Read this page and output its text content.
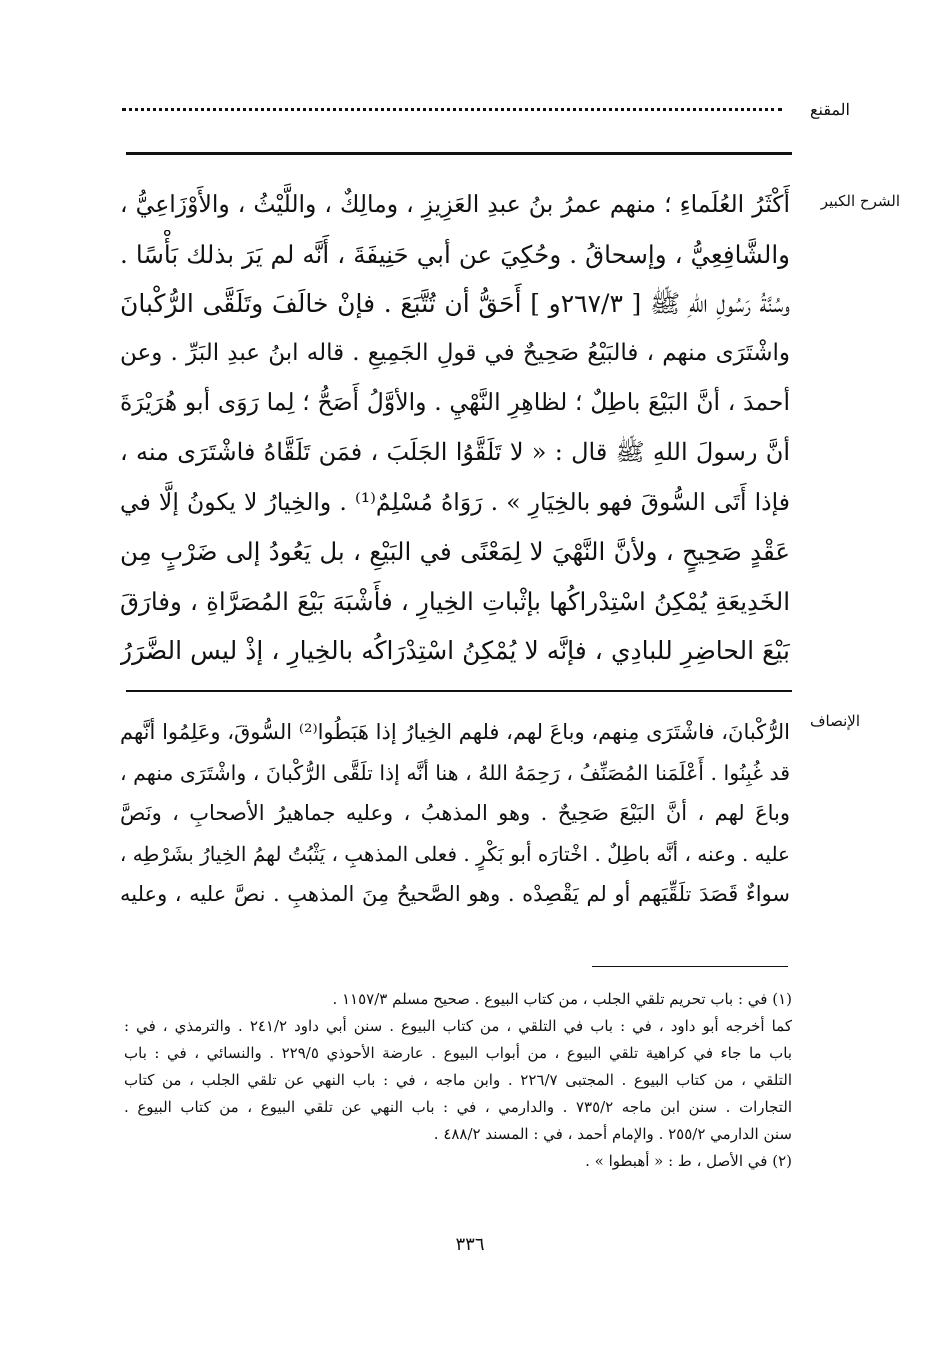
المقنع
الشرح الكبير
أَكْثَرُ العُلَماءِ ؛ منهم عمرُ بنُ عبدِ العَزِيزِ ، ومالِكٌ ، واللَّيْثُ ، والأَوْزَاعِيُّ ،
والشَّافِعِيُّ ، وإسحاقُ . وحُكِيَ عن أبي حَنِيفَةَ ، أَنَّه لم يَرَ بذلك بَأْسًا .
وسُنَّةُ رَسُولِ اللهِ ﷺ [ ٢٦٧/٣و ] أَحَقُّ أن تُتَّبَعَ . فإنْ خالَفَ وتَلَقَّى الرُّكْبانَ
واشْتَرَى منهم ، فالبَيْعُ صَحِيحٌ في قولِ الجَمِيعِ . قاله ابنُ عبدِ البَرِّ . وعن
أحمدَ ، أنَّ البَيْعَ باطِلٌ ؛ لظاهِرِ النَّهْيِ . والأوَّلُ أَصَحُّ ؛ لِما رَوَى أبو هُرَيْرَةَ
أنَّ رسولَ اللهِ ﷺ قال : « لا تَلَقَّوُا الجَلَبَ ، فمَن تَلَقَّاهُ فاشْتَرَى منه ،
فإذا أَتَى السُّوقَ فهو بالخِيَارِ » . رَوَاهُ مُسْلِمٌ⁽¹⁾ . والخِيارُ لا يكونُ إلَّا في
عَقْدٍ صَحِيحٍ ، ولأنَّ النَّهْيَ لا لِمَعْنًى في البَيْعِ ، بل يَعُودُ إلى ضَرْبٍ مِن
الخَدِيعَةِ يُمْكِنُ اسْتِدْراكُها بإثْباتِ الخِيارِ ، فأَشْبَهَ بَيْعَ المُصَرَّاةِ ، وفارَقَ
بَيْعَ الحاضِرِ للبادِي ، فإنَّه لا يُمْكِنُ اسْتِدْرَاكُه بالخِيارِ ، إذْ ليس الضَّرَرُ
الإنصاف
الرُّكْبانَ، فاشْتَرَى مِنهم، وباعَ لهم، فلهم الخِيارُ إذا هَبَطُوا⁽²⁾ السُّوقَ، وعَلِمُوا أنَّهم
قد غُبِنُوا . أَعْلَمَنا المُصَنِّفُ ، رَحِمَهُ اللهُ ، هنا أنَّه إذا تلَقَّى الرُّكْبانَ ، واشْتَرَى منهم ،
وباعَ لهم ، أنَّ البَيْعَ صَحِيحٌ . وهو المذهبُ ، وعليه جماهيرُ الأصحابِ ، ونَصَّ
عليه . وعنه ، أنَّه باطِلٌ . اخْتارَه أبو بَكْرٍ . فعلى المذهبِ ، يَثْبُتُ لهمُ الخِيارُ بشَرْطِه ،
سواءٌ قَصَدَ تلَقِّيَهم أو لم يَقْصِدْه . وهو الصَّحيحُ مِنَ المذهبِ . نصَّ عليه ، وعليه
(١) في : باب تحريم تلقي الجلب ، من كتاب البيوع . صحيح مسلم ١١٥٧/٣ .
كما أخرجه أبو داود ، في : باب في التلقي ، من كتاب البيوع . سنن أبي داود ٢٤١/٢ . والترمذي ، في :
باب ما جاء في كراهية تلقي البيوع ، من أبواب البيوع . عارضة الأحوذي ٢٢٩/٥ . والنسائي ، في : باب
التلقي ، من كتاب البيوع . المجتبى ٢٢٦/٧ . وابن ماجه ، في : باب النهي عن تلقي الجلب ، من كتاب
التجارات . سنن ابن ماجه ٧٣٥/٢ . والدارمي ، في : باب النهي عن تلقي البيوع ، من كتاب البيوع .
سنن الدارمي ٢٥٥/٢ . والإمام أحمد ، في : المسند ٤٨٨/٢ .
(٢) في الأصل ، ط : « أهبطوا » .
٣٣٦
